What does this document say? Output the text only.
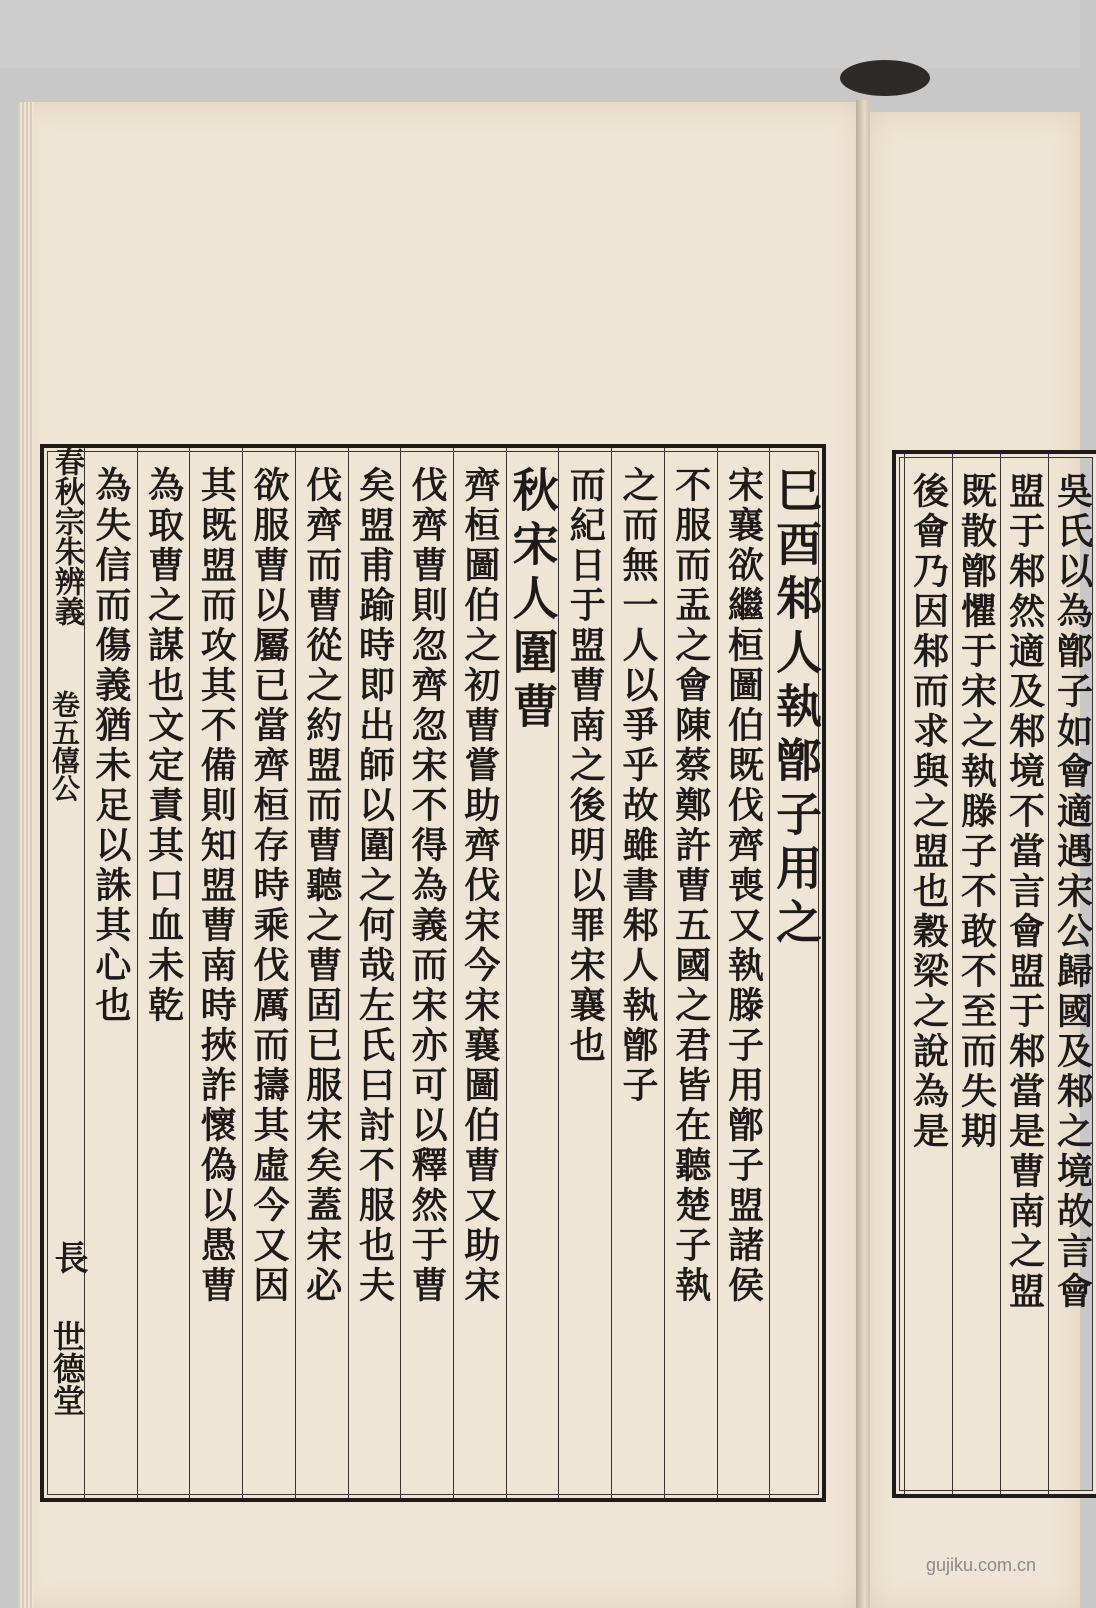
巳酉邾人執鄫子用之
宋襄欲繼桓圖伯既伐齊喪又執滕子用鄫子盟諸侯
不服而盂之會陳蔡鄭許曹五國之君皆在聽楚子執
之而無一人以爭乎故雖書邾人執鄫子
而紀日于盟曹南之後明以罪宋襄也
秋宋人圍曹
齊桓圖伯之初曹嘗助齊伐宋今宋襄圖伯曹又助宋
伐齊曹則忽齊忽宋不得為義而宋亦可以釋然于曹
矣盟甫踰時即出師以圍之何哉左氏曰討不服也夫
伐齊而曹從之約盟而曹聽之曹固已服宋矣蓋宋必
欲服曹以屬已當齊桓存時乘伐厲而擣其虛今又因
其既盟而攻其不備則知盟曹南時挾詐懷偽以愚曹
為取曹之謀也文定責其口血未乾
為失信而傷義猶未足以誅其心也
春秋宗朱辨義
卷五僖公
長
世德堂
吳氏以為鄫子如會適遇宋公歸國及邾之境故言會
盟于邾然適及邾境不當言會盟于邾當是曹南之盟
既散鄫懼于宋之執滕子不敢不至而失期
後會乃因邾而求與之盟也穀梁之說為是
gujiku.com.cn
